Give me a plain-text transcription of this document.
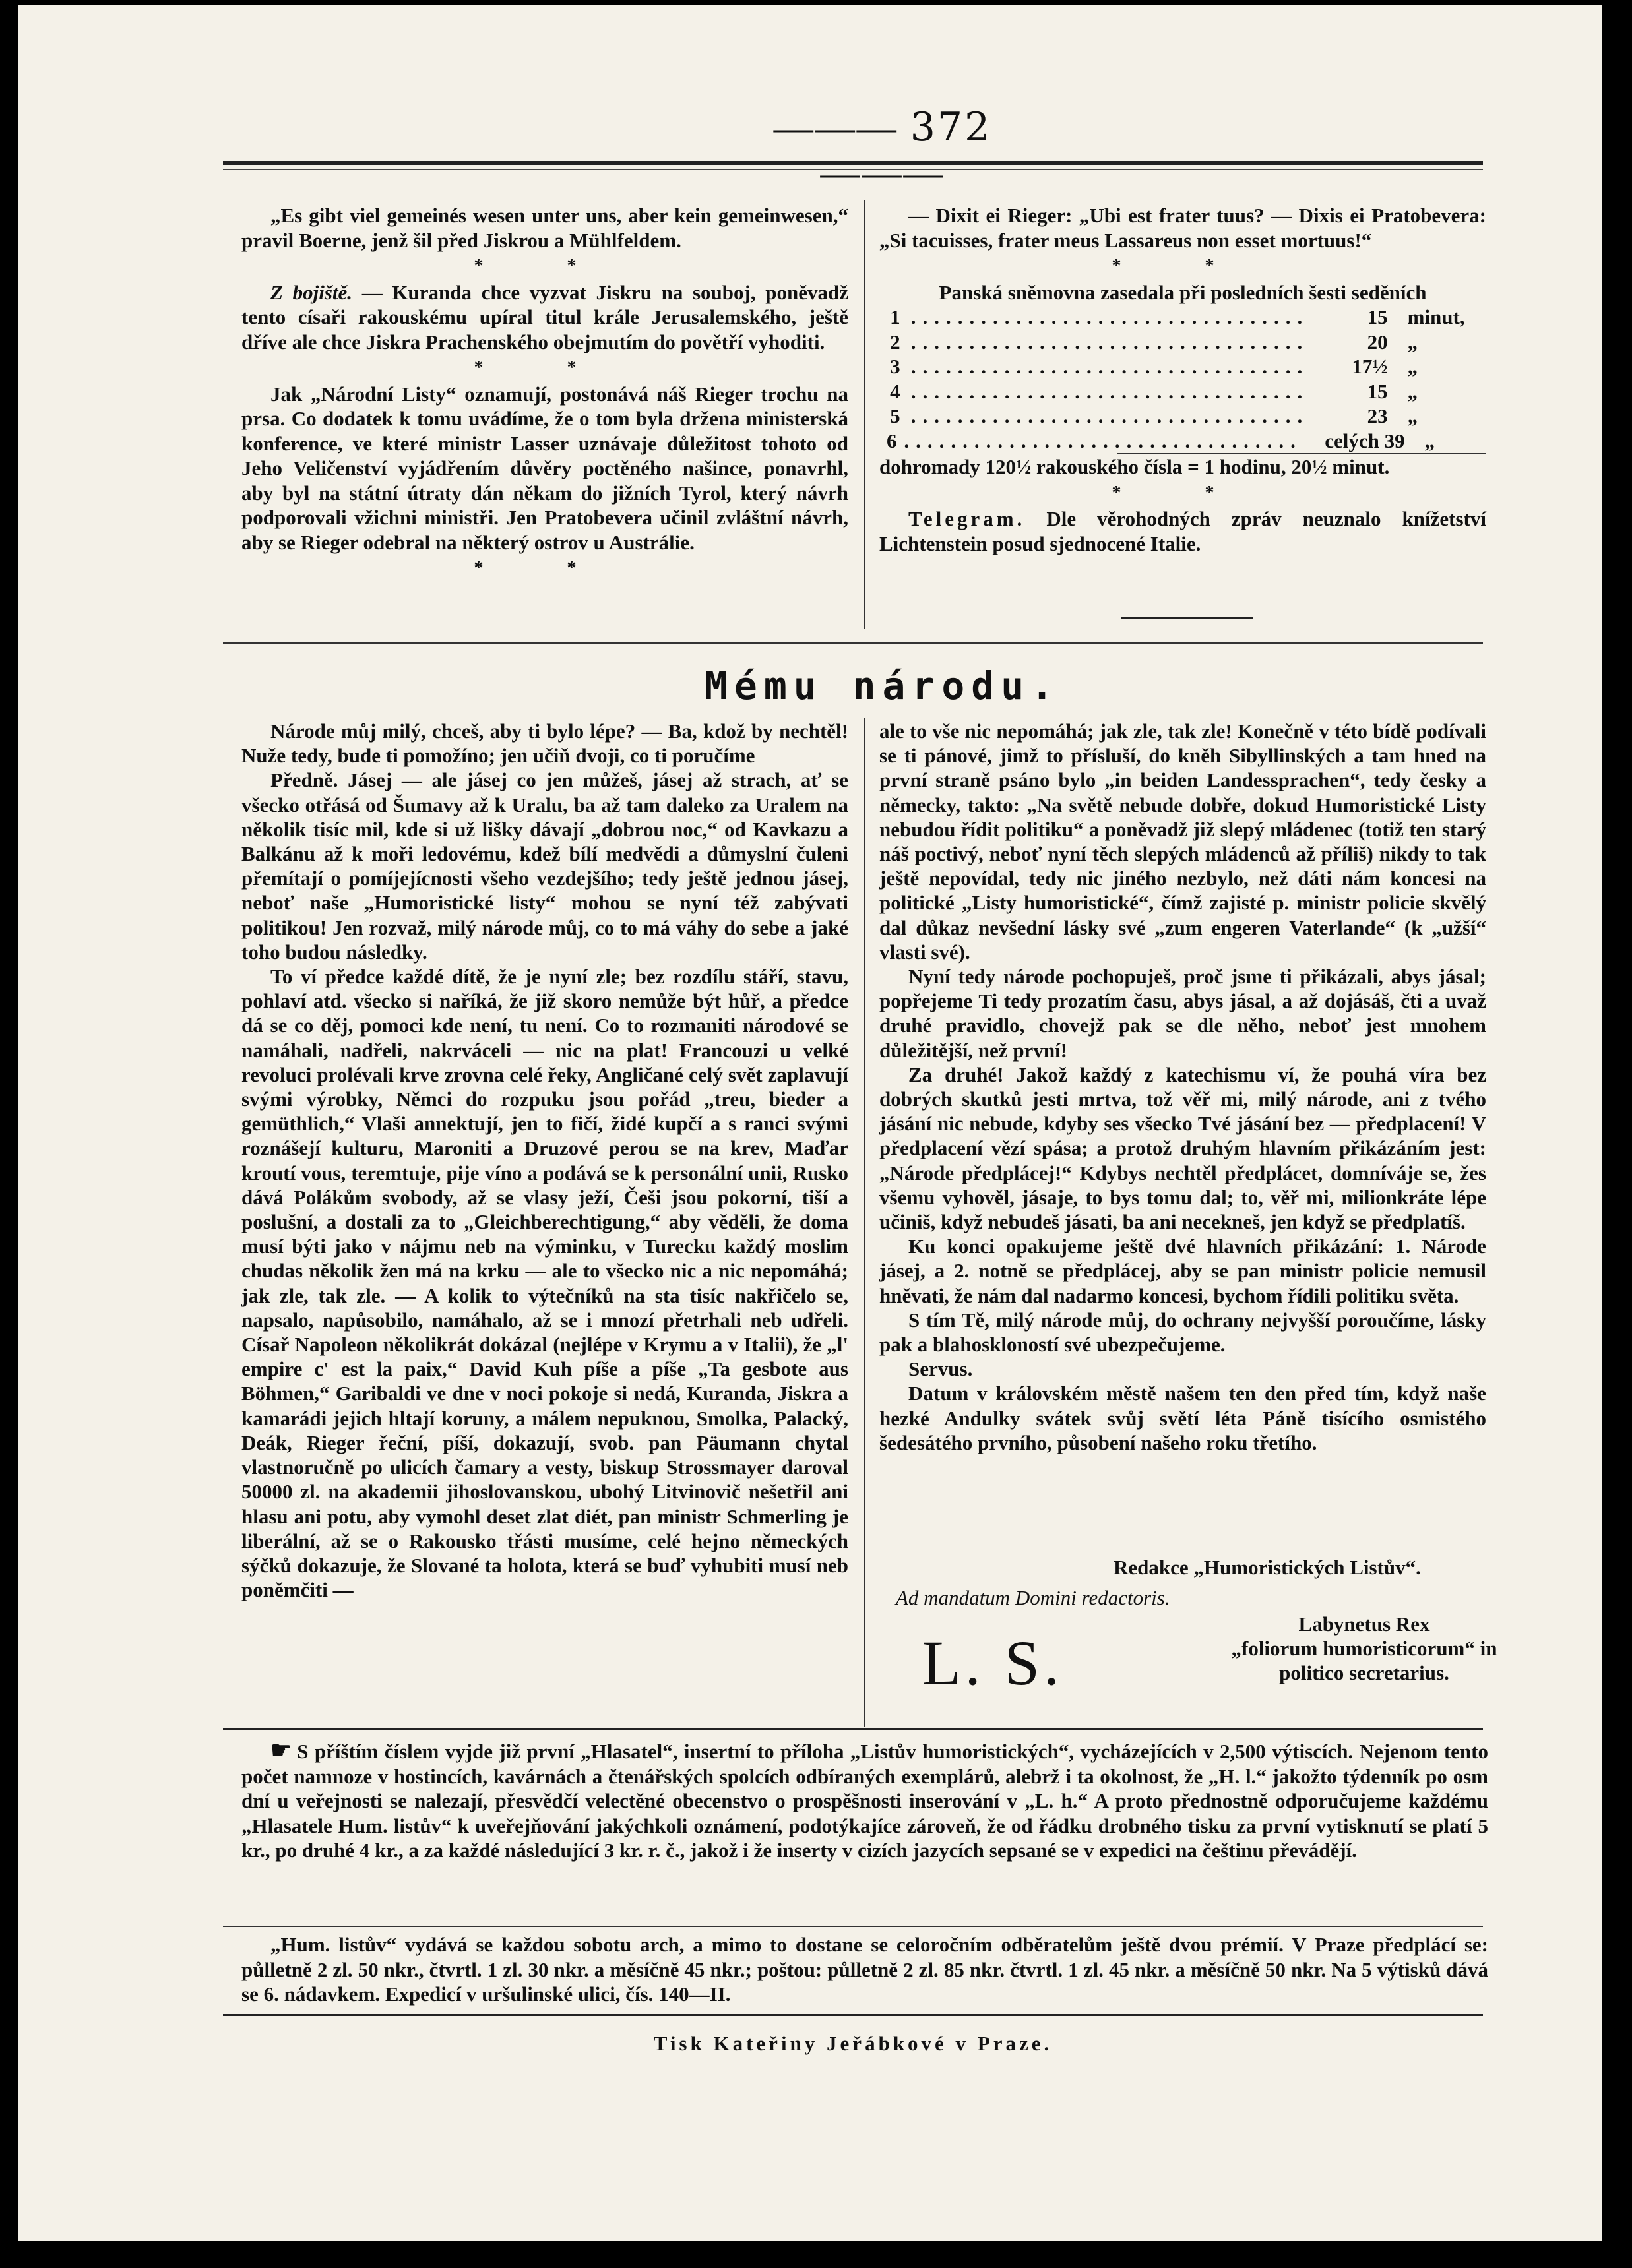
——— 372 ———

„Es gibt viel gemeinés wesen unter uns, aber kein gemeinwesen,“ pravil Boerne, jenž šil před Jiskrou a Mühlfeldem.

* *

Z bojiště. — Kuranda chce vyzvat Jiskru na souboj, poněvadž tento císaři rakouskému upíral titul krále Jerusalemského, ještě dříve ale chce Jiskra Prachenského obejmutím do povětří vyhoditi.

* *

Jak „Národní Listy“ oznamují, postonává náš Rieger trochu na prsa. Co dodatek k tomu uvádíme, že o tom byla držena ministerská konference, ve které ministr Lasser uznávaje důležitost tohoto od Jeho Veličenství vyjádřením důvěry poctěného našince, ponavrhl, aby byl na státní útraty dán někam do jižních Tyrol, který návrh podporovali vžichni ministři. Jen Pratobevera učinil zvláštní návrh, aby se Rieger odebral na některý ostrov u Austrálie.

* *

— Dixit ei Rieger: „Ubi est frater tuus? — Dixis ei Pratobevera: „Si tacuisses, frater meus Lassareus non esset mortuus!“

* *

Panská sněmovna zasedala při posledních šesti seděních

1 ..................................	15 minut,
2 ..................................	20 „
3 ..................................	17½ „
4 ..................................	15 „
5 ..................................	23 „
6 ..................................	celých 39 „

dohromady 120½ rakouského čísla = 1 hodinu, 20½ minut.

* *

Telegram. Dle věrohodných zpráv neuznalo knížetství Lichtenstein posud sjednocené Italie.

Mému národu.

Národe můj milý, chceš, aby ti bylo lépe? — Ba, kdož by nechtěl! Nuže tedy, bude ti pomožíno; jen učiň dvoji, co ti poručíme

Předně. Jásej — ale jásej co jen můžeš, jásej až strach, ať se všecko otřásá od Šumavy až k Uralu, ba až tam daleko za Uralem na několik tisíc mil, kde si už lišky dávají „dobrou noc,“ od Kavkazu a Balkánu až k moři ledovému, kdež bílí medvědi a důmyslní čuleni přemítají o pomíjejícnosti všeho vezdejšího; tedy ještě jednou jásej, neboť naše „Humoristické listy“ mohou se nyní též zabývati politikou! Jen rozvaž, milý národe můj, co to má váhy do sebe a jaké toho budou následky.

To ví předce každé dítě, že je nyní zle; bez rozdílu stáří, stavu, pohlaví atd. všecko si naříká, že již skoro nemůže být hůř, a předce dá se co děj, pomoci kde není, tu není. Co to rozmaniti národové se namáhali, nadřeli, nakrváceli — nic na plat! Francouzi u velké revoluci prolévali krve zrovna celé řeky, Angličané celý svět zaplavují svými výrobky, Němci do rozpuku jsou pořád „treu, bieder a gemüthlich,“ Vlaši annektují, jen to fičí, židé kupčí a s ranci svými roznášejí kulturu, Maroniti a Druzové perou se na krev, Maďar kroutí vous, teremtuje, pije víno a podává se k personální unii, Rusko dává Polákům svobody, až se vlasy ježí, Češi jsou pokorní, tiší a poslušní, a dostali za to „Gleichberechtigung,“ aby věděli, že doma musí býti jako v nájmu neb na výminku, v Turecku každý moslim chudas několik žen má na krku — ale to všecko nic a nic nepomáhá; jak zle, tak zle. — A kolik to výtečníků na sta tisíc nakřičelo se, napsalo, napůsobilo, namáhalo, až se i mnozí přetrhali neb udřeli. Císař Napoleon několikrát dokázal (nejlépe v Krymu a v Italii), že „l' empire c' est la paix,“ David Kuh píše a píše „Ta gesbote aus Böhmen,“ Garibaldi ve dne v noci pokoje si nedá, Kuranda, Jiskra a kamarádi jejich hltají koruny, a málem nepuknou, Smolka, Palacký, Deák, Rieger řeční, píší, dokazují, svob. pan Päumann chytal vlastnoručně po ulicích čamary a vesty, biskup Strossmayer daroval 50000 zl. na akademii jihoslovanskou, ubohý Litvinovič nešetřil ani hlasu ani potu, aby vymohl deset zlat diét, pan ministr Schmerling je liberální, až se o Rakousko třásti musíme, celé hejno německých sýčků dokazuje, že Slované ta holota, která se buď vyhubiti musí neb poněmčiti —

ale to vše nic nepomáhá; jak zle, tak zle! Konečně v této bídě podívali se ti pánové, jimž to přísluší, do kněh Sibyllinských a tam hned na první straně psáno bylo „in beiden Landessprachen“, tedy česky a německy, takto: „Na světě nebude dobře, dokud Humoristické Listy nebudou řídit politiku“ a poněvadž již slepý mládenec (totiž ten starý náš poctivý, neboť nyní těch slepých mládenců až příliš) nikdy to tak ještě nepovídal, tedy nic jiného nezbylo, než dáti nám koncesi na politické „Listy humoristické“, čímž zajisté p. ministr policie skvělý dal důkaz nevšední lásky své „zum engeren Vaterlande“ (k „užší“ vlasti své).

Nyní tedy národe pochopuješ, proč jsme ti přikázali, abys jásal; popřejeme Ti tedy prozatím času, abys jásal, a až dojásáš, čti a uvaž druhé pravidlo, chovejž pak se dle něho, neboť jest mnohem důležitější, než první!

Za druhé! Jakož každý z katechismu ví, že pouhá víra bez dobrých skutků jesti mrtva, tož věř mi, milý národe, ani z tvého jásání nic nebude, kdyby ses všecko Tvé jásání bez — předplacení! V předplacení vězí spása; a protož druhým hlavním přikázáním jest: „Národe předplácej!“ Kdybys nechtěl předplácet, domníváje se, žes všemu vyhověl, jásaje, to bys tomu dal; to, věř mi, milionkráte lépe učiniš, když nebudeš jásati, ba ani necekneš, jen když se předplatíš.

Ku konci opakujeme ještě dvé hlavních přikázání: 1. Národe jásej, a 2. notně se předplácej, aby se pan ministr policie nemusil hněvati, že nám dal nadarmo koncesi, bychom řídili politiku světa.

S tím Tě, milý národe můj, do ochrany nejvyšší poroučíme, lásky pak a blahoskloností své ubezpečujeme.

Servus.

Datum v královském městě našem ten den před tím, když naše hezké Andulky svátek svůj světí léta Páně tisícího osmistého šedesátého prvního, působení našeho roku třetího.

Redakce „Humoristických Listův“.
Ad mandatum Domini redactoris.
L. S.
Labynetus Rex
„foliorum humoristicorum“ in
politico secretarius.

☛ S příštím číslem vyjde již první „Hlasatel“, insertní to příloha „Listův humoristických“, vycházejících v 2,500 výtiscích. Nejenom tento počet namnoze v hostincích, kavárnách a čtenářských spolcích odbíraných exemplárů, alebrž i ta okolnost, že „H. l.“ jakožto týdenník po osm dní u veřejnosti se nalezají, přesvědčí velectěné obecenstvo o prospěšnosti inserování v „L. h.“ A proto přednostně odporučujeme každému „Hlasatele Hum. listův“ k uveřejňování jakýchkoli oznámení, podotýkajíce zároveň, že od řádku drobného tisku za první vytisknutí se platí 5 kr., po druhé 4 kr., a za každé následující 3 kr. r. č., jakož i že inserty v cizích jazycích sepsané se v expedici na češtinu převádějí.

„Hum. listův“ vydává se každou sobotu arch, a mimo to dostane se celoročním odběratelům ještě dvou prémií. V Praze předplácí se: půlletně 2 zl. 50 nkr., čtvrtl. 1 zl. 30 nkr. a měsíčně 45 nkr.; poštou: půlletně 2 zl. 85 nkr. čtvrtl. 1 zl. 45 nkr. a měsíčně 50 nkr. Na 5 výtisků dává se 6. nádavkem. Expedicí v uršulinské ulici, čís. 140—II.

Tisk Kateřiny Jeřábkové v Praze.
